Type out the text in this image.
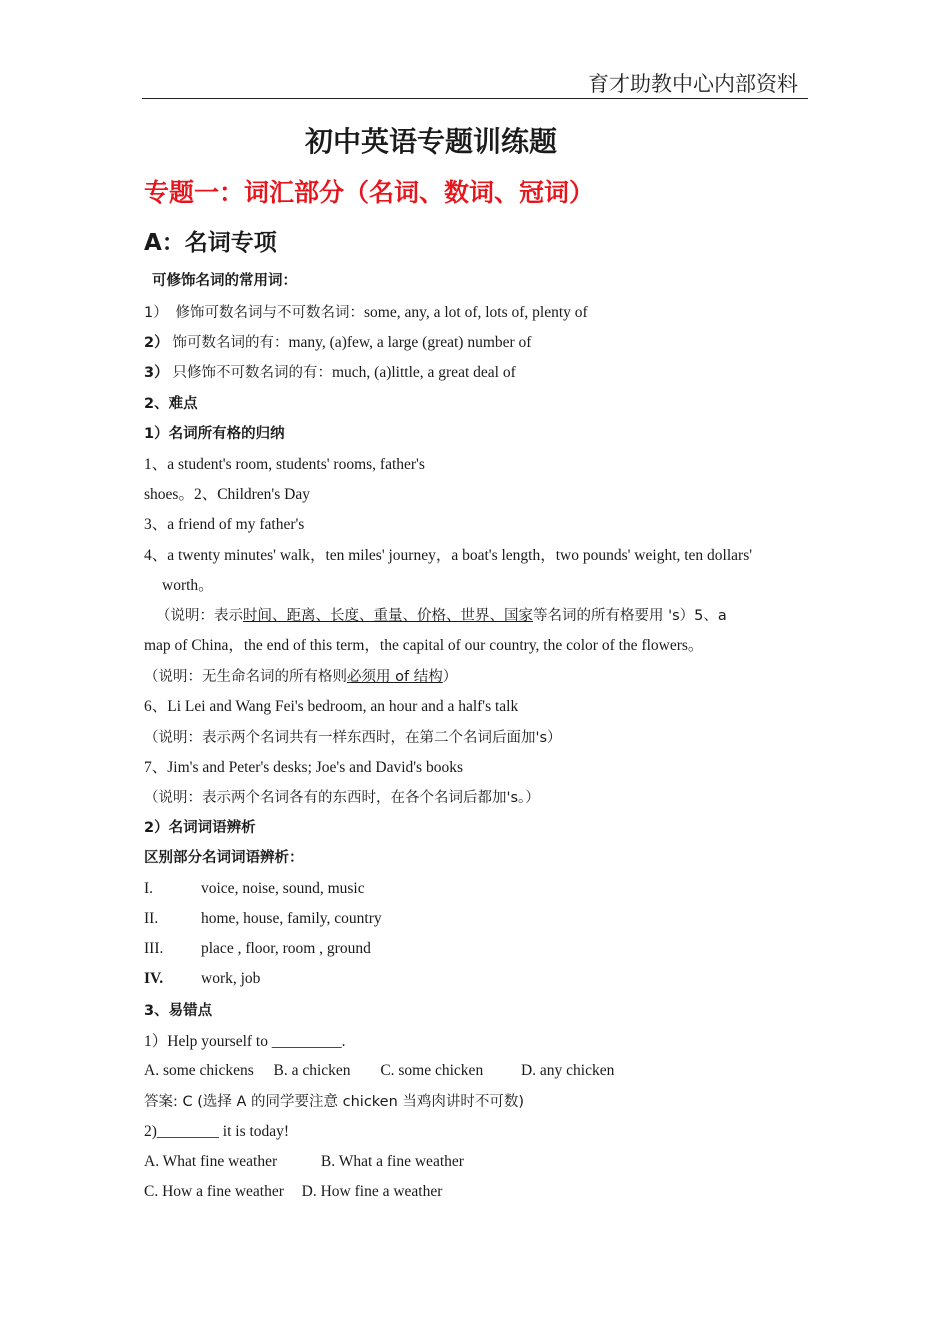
育才助教中心内部资料
初中英语专题训练题
专题一：词汇部分（名词、数词、冠词）
A：名词专项
可修饰名词的常用词：
1） 修饰可数名词与不可数名词：some, any, a lot of, lots of, plenty of
2） 饰可数名词的有：many, (a)few, a large (great) number of
3） 只修饰不可数名词的有：much, (a)little, a great deal of
2、难点
1）名词所有格的归纳
1、a student's room, students' rooms, father's
shoes。2、Children's Day
3、a friend of my father's
4、a twenty minutes' walk，ten miles' journey，a boat's length，two pounds' weight, ten dollars'
worth。
（说明：表示时间、距离、长度、重量、价格、世界、国家等名词的所有格要用 's）5、a
map of China，the end of this term，the capital of our country, the color of the flowers。
（说明：无生命名词的所有格则必须用 of 结构）
6、Li Lei and Wang Fei's bedroom, an hour and a half's talk
（说明：表示两个名词共有一样东西时，在第二个名词后面加's）
7、Jim's and Peter's desks; Joe's and David's books
（说明：表示两个名词各有的东西时，在各个名词后都加's。）
2）名词词语辨析
区别部分名词词语辨析：
I.	voice, noise, sound, music
II.	home, house, family, country
III. place , floor, room , ground
IV. work, job
3、易错点
1）Help yourself to _________.
A. some chickens B. a chicken C. some chicken D. any chicken
答案: C (选择 A 的同学要注意 chicken 当鸡肉讲时不可数)
2)________ it is today!
A. What fine weather	B. What a fine weather
C. How a fine weather D. How fine a weather
